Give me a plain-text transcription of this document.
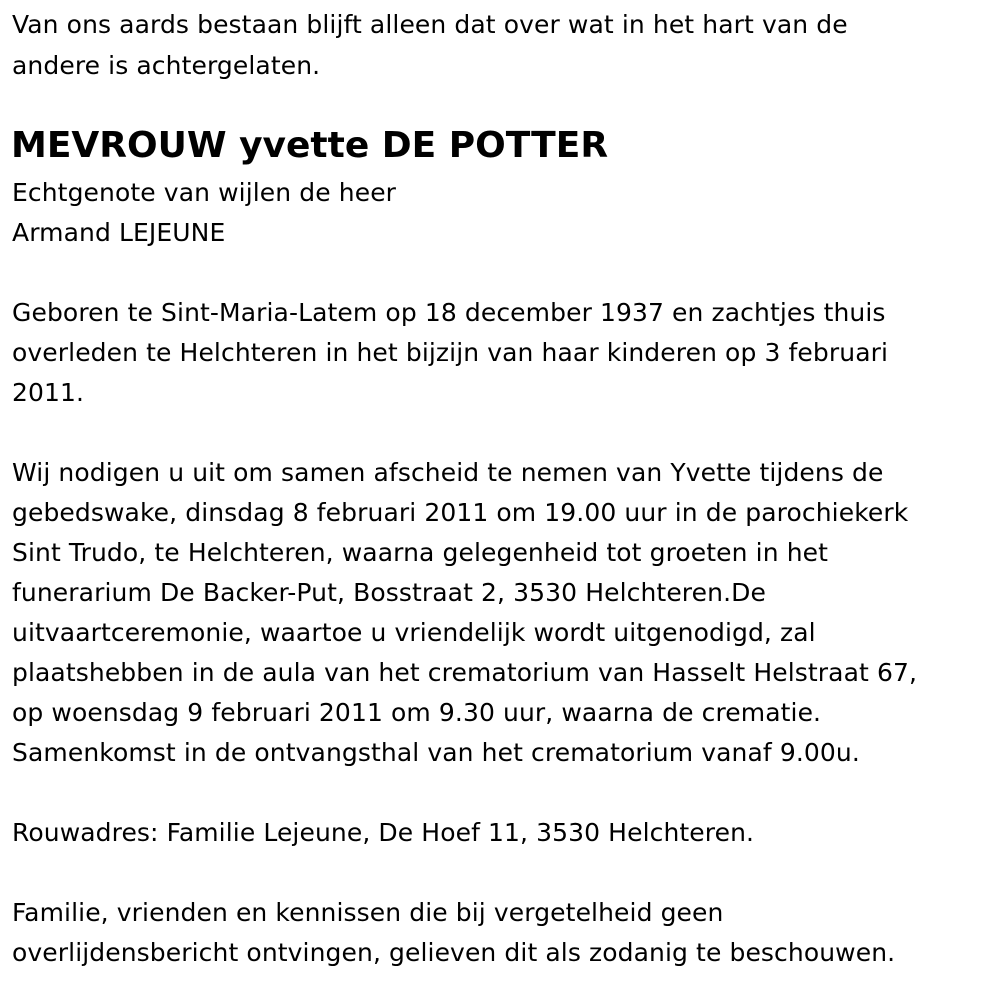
Van ons aards bestaan blijft alleen dat over wat in het hart van de
andere is achtergelaten.
MEVROUW yvette DE POTTER
Echtgenote van wijlen de heer
Armand LEJEUNE
Geboren te Sint-Maria-Latem op 18 december 1937 en zachtjes thuis
overleden te Helchteren in het bijzijn van haar kinderen op 3 februari
2011.
Wij nodigen u uit om samen afscheid te nemen van Yvette tijdens de
gebedswake, dinsdag 8 februari 2011 om 19.00 uur in de parochiekerk
Sint Trudo, te Helchteren, waarna gelegenheid tot groeten in het
funerarium De Backer-Put, Bosstraat 2, 3530 Helchteren.De
uitvaartceremonie, waartoe u vriendelijk wordt uitgenodigd, zal
plaatshebben in de aula van het crematorium van Hasselt Helstraat 67,
op woensdag 9 februari 2011 om 9.30 uur, waarna de crematie.
Samenkomst in de ontvangsthal van het crematorium vanaf 9.00u.
Rouwadres: Familie Lejeune, De Hoef 11, 3530 Helchteren.
Familie, vrienden en kennissen die bij vergetelheid geen
overlijdensbericht ontvingen, gelieven dit als zodanig te beschouwen.
